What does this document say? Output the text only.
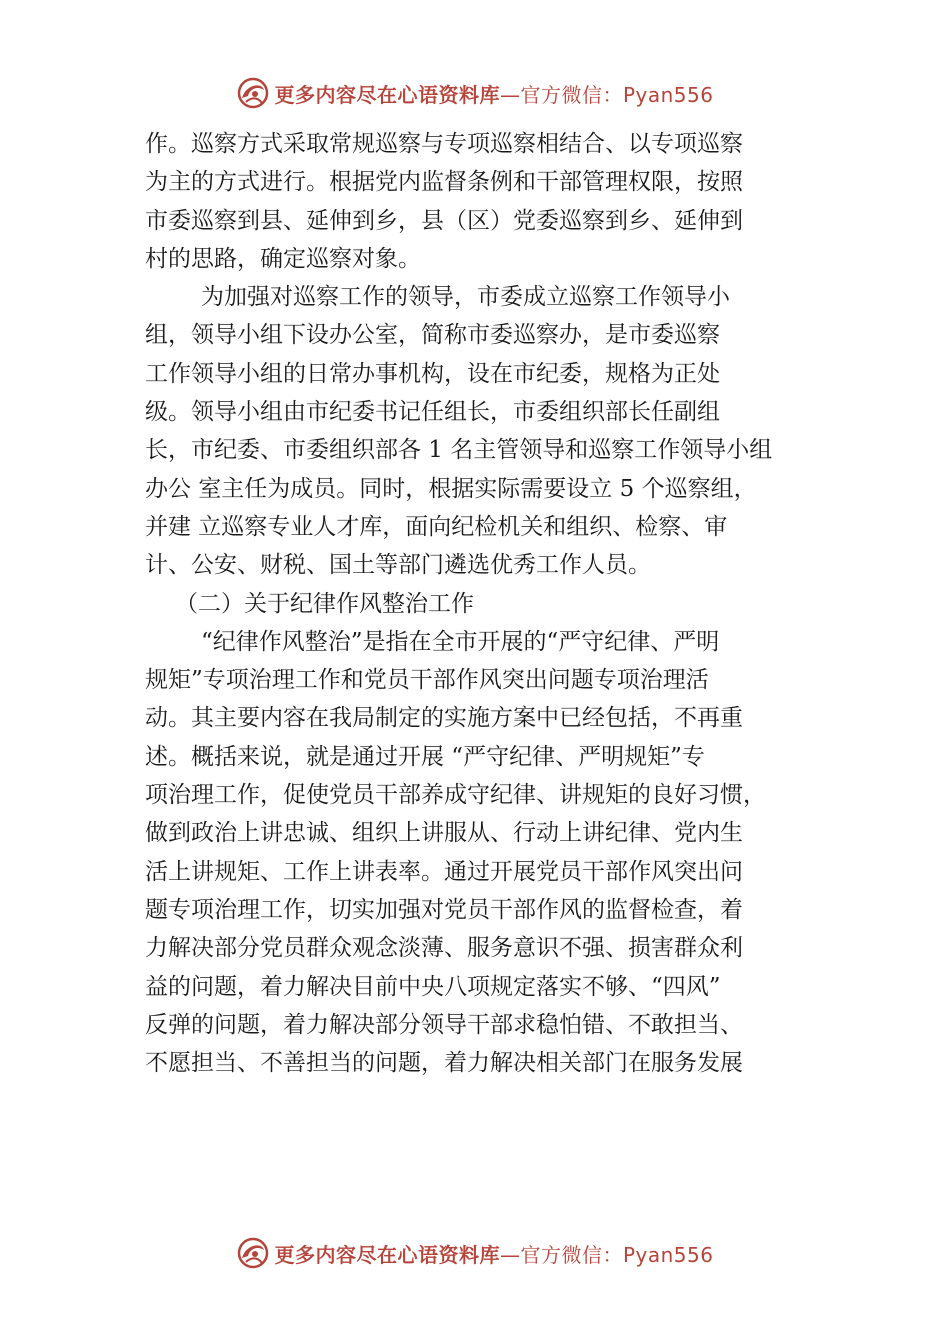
更多内容尽在心语资料库—官方微信：Pyan556
作。巡察方式采取常规巡察与专项巡察相结合、以专项巡察
为主的方式进行。根据党内监督条例和干部管理权限，按照
市委巡察到县、延伸到乡，县（区）党委巡察到乡、延伸到
村的思路，确定巡察对象。
为加强对巡察工作的领导，市委成立巡察工作领导小
组，领导小组下设办公室，简称市委巡察办，是市委巡察
工作领导小组的日常办事机构，设在市纪委，规格为正处
级。领导小组由市纪委书记任组长，市委组织部长任副组
长，市纪委、市委组织部各 1 名主管领导和巡察工作领导小组
办公 室主任为成员。同时，根据实际需要设立 5 个巡察组，
并建 立巡察专业人才库，面向纪检机关和组织、检察、审
计、公安、财税、国土等部门遴选优秀工作人员。
（二）关于纪律作风整治工作
“纪律作风整治”是指在全市开展的“严守纪律、严明
规矩”专项治理工作和党员干部作风突出问题专项治理活
动。其主要内容在我局制定的实施方案中已经包括，不再重
述。概括来说，就是通过开展 “严守纪律、严明规矩”专
项治理工作，促使党员干部养成守纪律、讲规矩的良好习惯，
做到政治上讲忠诚、组织上讲服从、行动上讲纪律、党内生
活上讲规矩、工作上讲表率。通过开展党员干部作风突出问
题专项治理工作，切实加强对党员干部作风的监督检查，着
力解决部分党员群众观念淡薄、服务意识不强、损害群众利
益的问题，着力解决目前中央八项规定落实不够、“四风”
反弹的问题，着力解决部分领导干部求稳怕错、不敢担当、
不愿担当、不善担当的问题，着力解决相关部门在服务发展
更多内容尽在心语资料库—官方微信：Pyan556
